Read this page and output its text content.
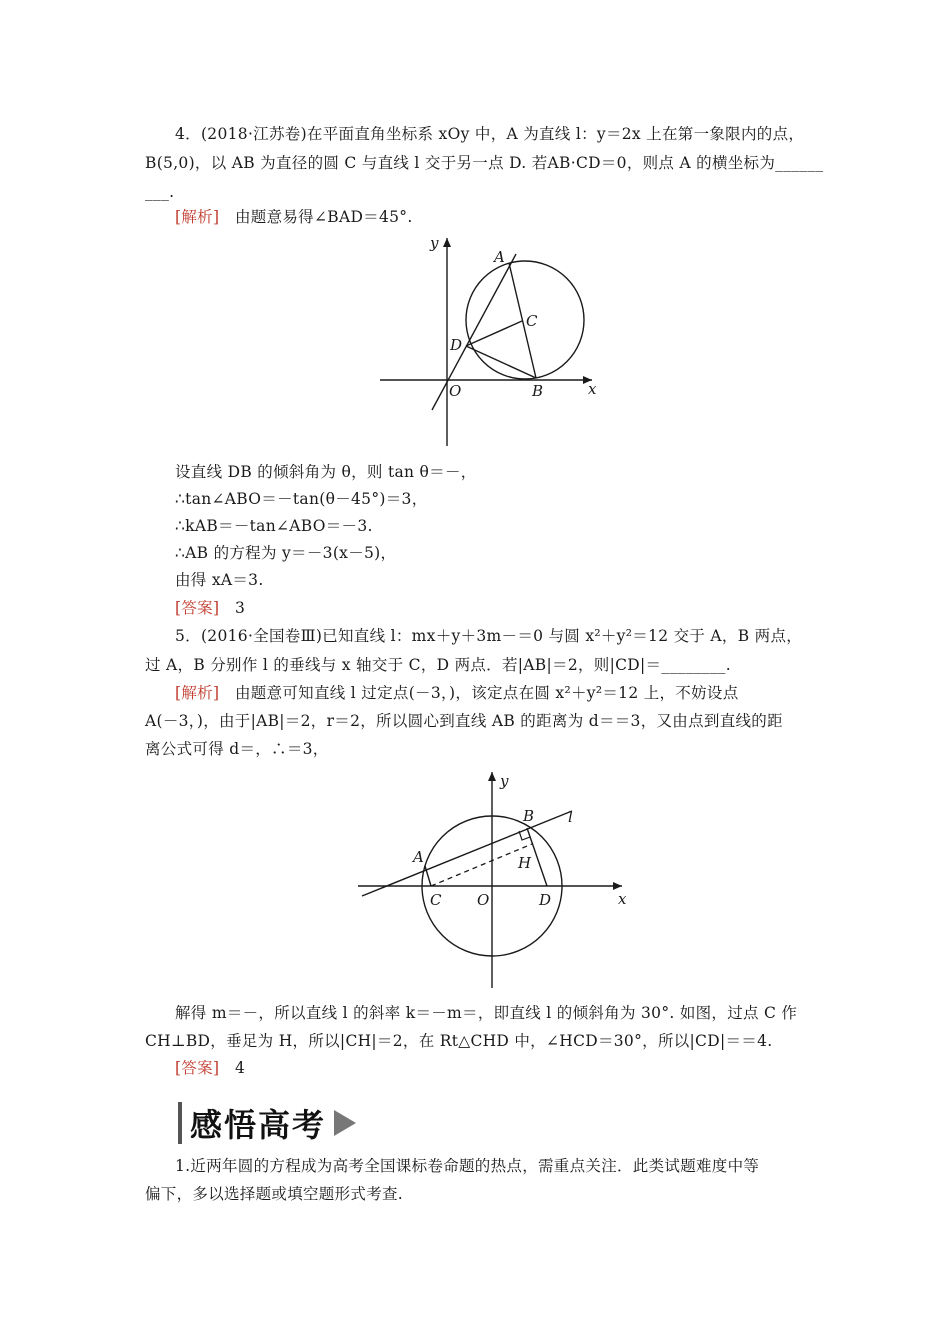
4．(2018·江苏卷)在平面直角坐标系 xOy 中，A 为直线 l：y＝2x 上在第一象限内的点，
B(5,0)，以 AB 为直径的圆 C 与直线 l 交于另一点 D. 若AB·CD＝0，则点 A 的横坐标为______
___.
[解析] 由题意易得∠BAD＝45°.
y
x
A
C
D
O	B
设直线 DB 的倾斜角为 θ，则 tan θ＝－，
∴tan∠ABO＝－tan(θ－45°)＝3，
∴kAB＝－tan∠ABO＝－3.
∴AB 的方程为 y＝－3(x－5)，
由得 xA＝3.
[答案] 3
5．(2016·全国卷Ⅲ)已知直线 l：mx＋y＋3m－＝0 与圆 x²＋y²＝12 交于 A，B 两点，
过 A，B 分别作 l 的垂线与 x 轴交于 C，D 两点．若|AB|＝2，则|CD|＝________.
[解析] 由题意可知直线 l 过定点(－3，)，该定点在圆 x²＋y²＝12 上，不妨设点
A(－3，)，由于|AB|＝2，r＝2，所以圆心到直线 AB 的距离为 d＝＝3，又由点到直线的距
离公式可得 d＝，∴＝3，
y
x
B l
A	H
C O	D
解得 m＝－，所以直线 l 的斜率 k＝－m＝，即直线 l 的倾斜角为 30°. 如图，过点 C 作
CH⊥BD，垂足为 H，所以|CH|＝2，在 Rt△CHD 中，∠HCD＝30°，所以|CD|＝＝4.
[答案] 4
感悟高考
1.近两年圆的方程成为高考全国课标卷命题的热点，需重点关注．此类试题难度中等
偏下，多以选择题或填空题形式考查.
